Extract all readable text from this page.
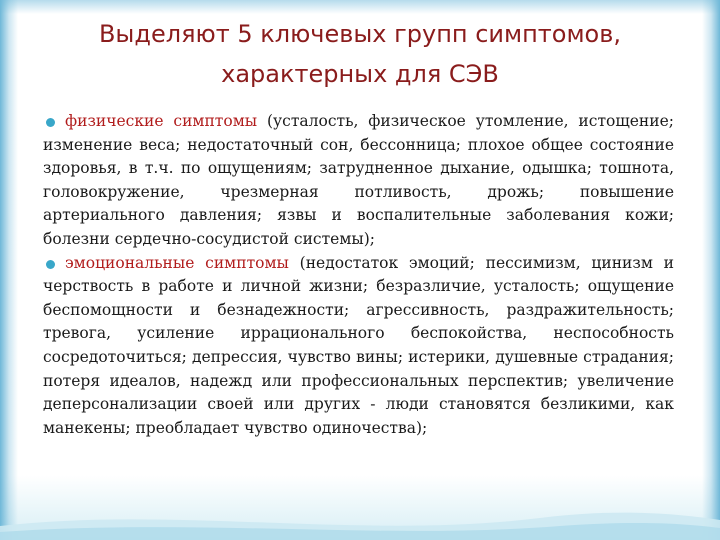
Выделяют 5 ключевых групп симптомов,
характерных для СЭВ

физические симптомы (усталость, физическое утомление, истощение; изменение веса; недостаточный сон, бессонница; плохое общее состояние здоровья, в т.ч. по ощущениям; затрудненное дыхание, одышка; тошнота, головокружение, чрезмерная потливость, дрожь; повышение артериального давления; язвы и воспалительные заболевания кожи; болезни сердечно-сосудистой системы);

эмоциональные симптомы (недостаток эмоций; пессимизм, цинизм и черствость в работе и личной жизни; безразличие, усталость; ощущение беспомощности и безнадежности; агрессивность, раздражительность; тревога, усиление иррационального беспокойства, неспособность сосредоточиться; депрессия, чувство вины; истерики, душевные страдания; потеря идеалов, надежд или профессиональных перспектив; увеличение деперсонализации своей или других - люди становятся безликими, как манекены; преобладает чувство одиночества);
